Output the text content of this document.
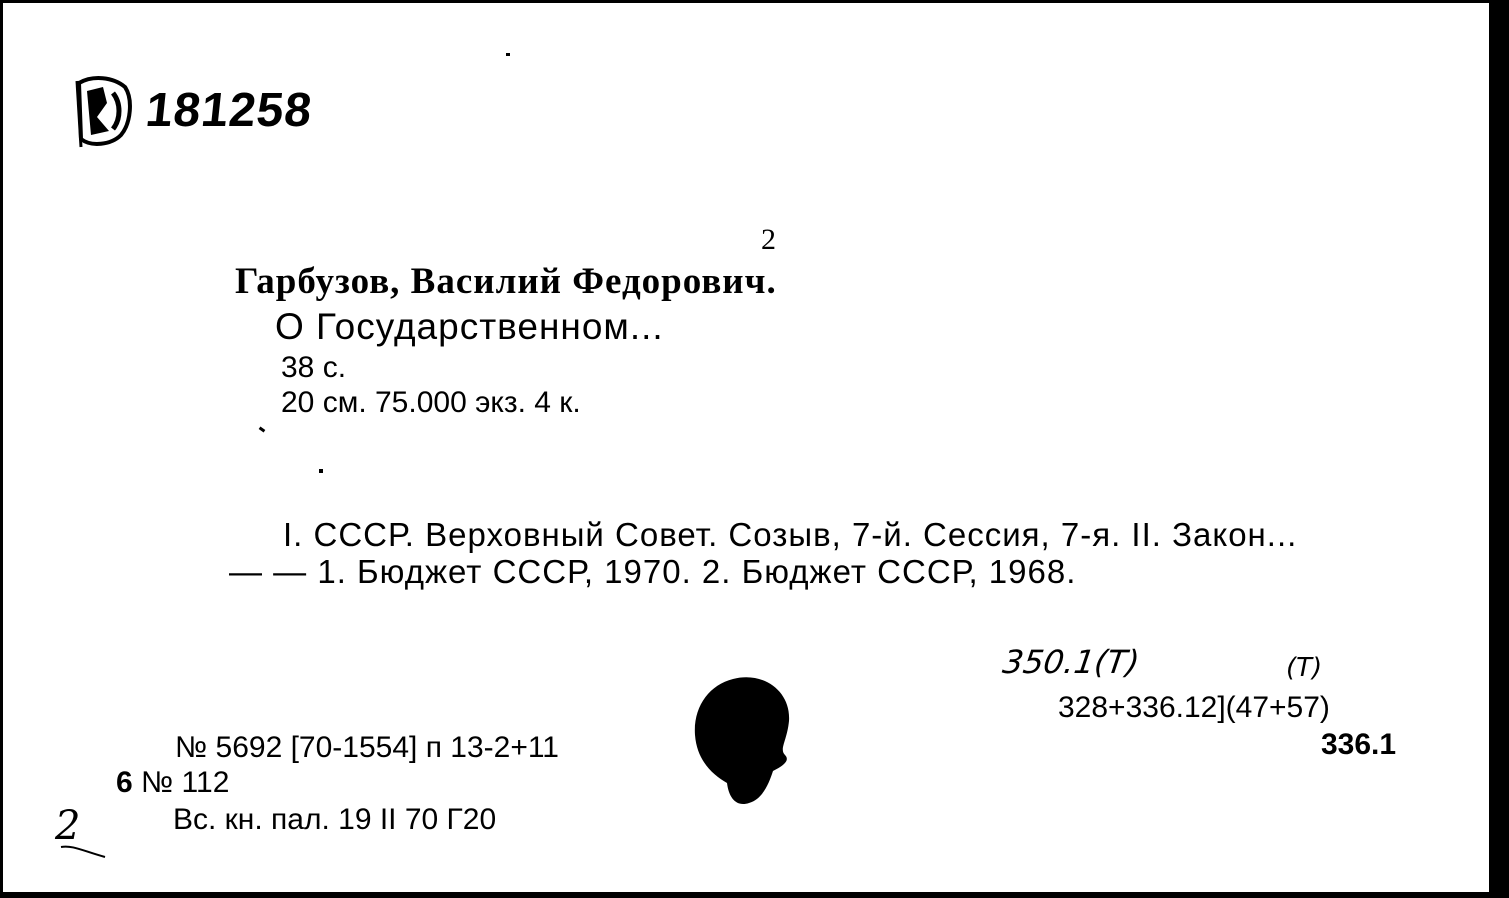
181258
2
Гарбузов, Василий Федорович.
О Государственном...
38 с.
20 см. 75.000 экз. 4 к.
I. СССР. Верховный Совет. Созыв, 7-й. Сессия, 7-я. II. Закон...
— — 1. Бюджет СССР, 1970. 2. Бюджет СССР, 1968.
350.1(Т)	(Т)
328+336.12](47+57)
336.1
№ 5692 [70-1554] п 13-2+11
6 № 112
Вс. кн. пал. 19 II 70 Г20
2
